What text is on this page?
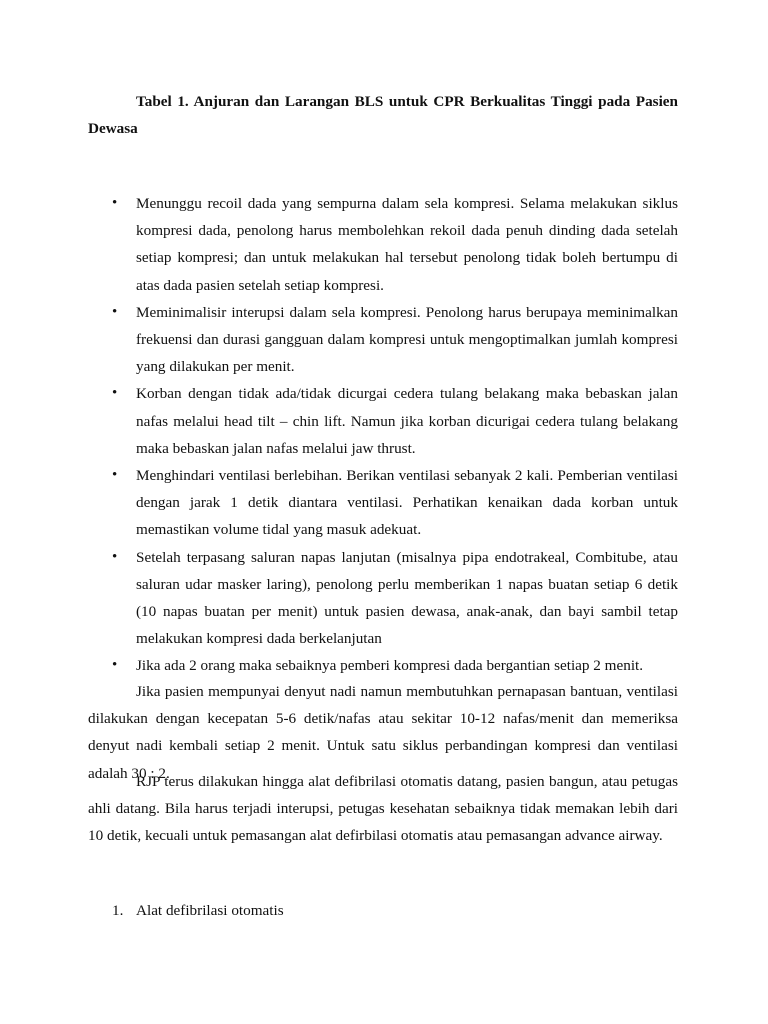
Tabel 1. Anjuran dan Larangan BLS untuk CPR Berkualitas Tinggi pada Pasien Dewasa

• Menunggu recoil dada yang sempurna dalam sela kompresi. Selama melakukan siklus kompresi dada, penolong harus membolehkan rekoil dada penuh dinding dada setelah setiap kompresi; dan untuk melakukan hal tersebut penolong tidak boleh bertumpu di atas dada pasien setelah setiap kompresi.
• Meminimalisir interupsi dalam sela kompresi. Penolong harus berupaya meminimalkan frekuensi dan durasi gangguan dalam kompresi untuk mengoptimalkan jumlah kompresi yang dilakukan per menit.
• Korban dengan tidak ada/tidak dicurgai cedera tulang belakang maka bebaskan jalan nafas melalui head tilt – chin lift. Namun jika korban dicurigai cedera tulang belakang maka bebaskan jalan nafas melalui jaw thrust.
• Menghindari ventilasi berlebihan. Berikan ventilasi sebanyak 2 kali. Pemberian ventilasi dengan jarak 1 detik diantara ventilasi. Perhatikan kenaikan dada korban untuk memastikan volume tidal yang masuk adekuat.
• Setelah terpasang saluran napas lanjutan (misalnya pipa endotrakeal, Combitube, atau saluran udar masker laring), penolong perlu memberikan 1 napas buatan setiap 6 detik (10 napas buatan per menit) untuk pasien dewasa, anak-anak, dan bayi sambil tetap melakukan kompresi dada berkelanjutan
• Jika ada 2 orang maka sebaiknya pemberi kompresi dada bergantian setiap 2 menit.

Jika pasien mempunyai denyut nadi namun membutuhkan pernapasan bantuan, ventilasi dilakukan dengan kecepatan 5-6 detik/nafas atau sekitar 10-12 nafas/menit dan memeriksa denyut nadi kembali setiap 2 menit. Untuk satu siklus perbandingan kompresi dan ventilasi adalah 30 : 2.

RJP terus dilakukan hingga alat defibrilasi otomatis datang, pasien bangun, atau petugas ahli datang. Bila harus terjadi interupsi, petugas kesehatan sebaiknya tidak memakan lebih dari 10 detik, kecuali untuk pemasangan alat defirbilasi otomatis atau pemasangan advance airway.

1. Alat defibrilasi otomatis
